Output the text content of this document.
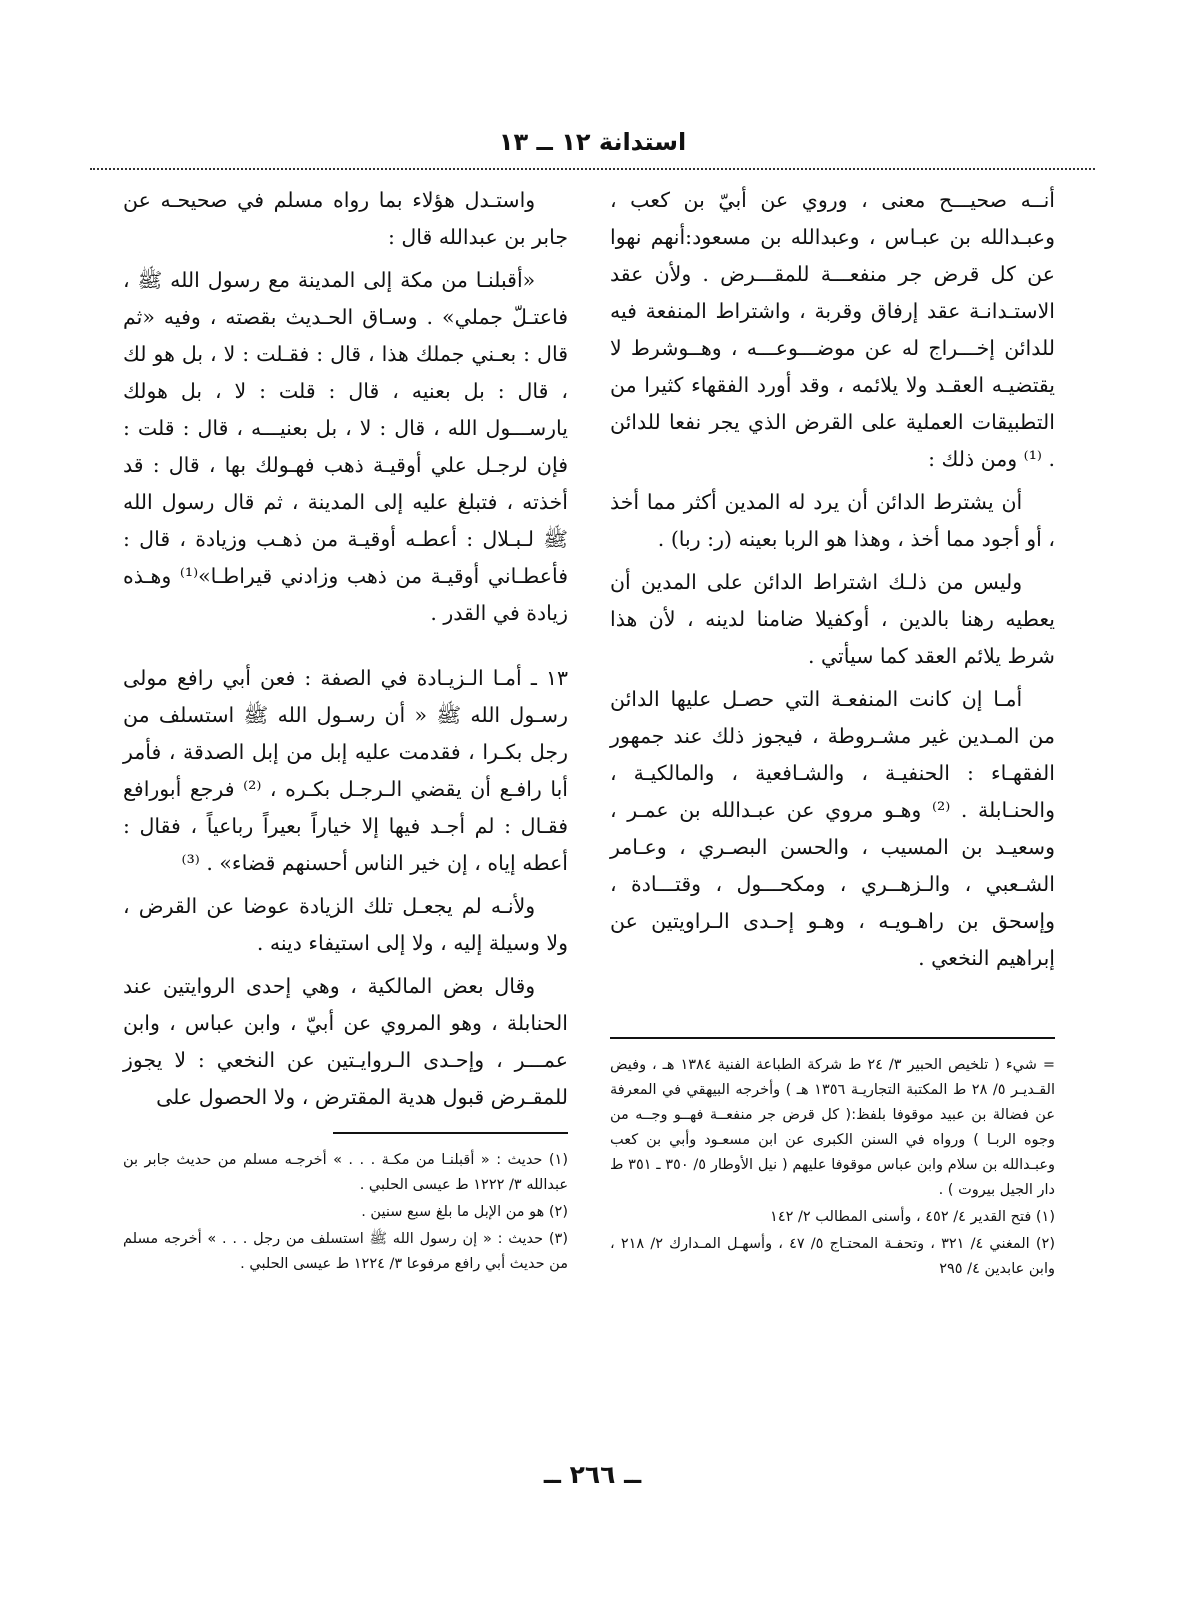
استدانة ١٢ ــ ١٣

أنــه صحيـــح معنى ، وروي عن أبيّ بن كعب ، وعبـدالله بن عبـاس ، وعبدالله بن مسعود:أنهم نهوا عن كل قرض جر منفعـــة للمقـــرض . ولأن عقد الاستـدانـة عقد إرفاق وقربة ، واشتراط المنفعة فيه للدائن إخـــراج له عن موضـــوعـــه ، وهــوشرط لا يقتضيـه العقـد ولا يلائمه ، وقد أورد الفقهاء كثيرا من التطبيقات العملية على القرض الذي يجر نفعا للدائن . ⁽¹⁾ ومن ذلك :

أن يشترط الدائن أن يرد له المدين أكثر مما أخذ ، أو أجود مما أخذ ، وهذا هو الربا بعينه (ر: ربا) .

وليس من ذلـك اشتراط الدائن على المدين أن يعطيه رهنا بالدين ، أوكفيلا ضامنا لدينه ، لأن هذا شرط يلائم العقد كما سيأتي .

أمـا إن كانت المنفعـة التي حصـل عليها الدائن من المـدين غير مشـروطة ، فيجوز ذلك عند جمهور الفقهـاء : الحنفيـة ، والشـافعية ، والمالكيـة ، والحنـابلة . ⁽²⁾ وهـو مروي عن عبـدالله بن عمـر ، وسعيـد بن المسيب ، والحسن البصـري ، وعـامر الشـعبي ، والـزهــري ، ومكحـــول ، وقتـــادة ، وإسحق بن راهـويـه ، وهـو إحـدى الـراويتين عن إبراهيم النخعي .

= شيء ( تلخيص الحبير ٣/ ٢٤ ط شركة الطباعة الفنية ١٣٨٤ هـ ، وفيض القـديـر ٥/ ٢٨ ط المكتبة التجاريـة ١٣٥٦ هـ ) وأخرجه البيهقي في المعرفة عن فضالة بن عبيد موقوفا بلفظ:( كل قرض جر منفعــة فهــو وجــه من وجوه الربـا ) ورواه في السنن الكبرى عن ابن مسعـود وأبي بن كعب وعبـدالله بن سلام وابن عباس موقوفا عليهم ( نيل الأوطار ٥/ ٣٥٠ ـ ٣٥١ ط دار الجيل بيروت ) .

(١) فتح القدير ٤/ ٤٥٢ ، وأسنى المطالب ٢/ ١٤٢

(٢) المغني ٤/ ٣٢١ ، وتحفـة المحتـاج ٥/ ٤٧ ، وأسهـل المـدارك ٢/ ٢١٨ ، وابن عابدين ٤/ ٢٩٥

واستـدل هؤلاء بما رواه مسلم في صحيحـه عن جابر بن عبدالله قال :

«أقبلنـا من مكة إلى المدينة مع رسول الله ﷺ ، فاعتـلّ جملي» . وسـاق الحـديث بقصته ، وفيه «ثم قال : بعـني جملك هذا ، قال : فقـلت : لا ، بل هو لك ، قال : بل بعنيه ، قال : قلت : لا ، بل هولك يارســـول الله ، قال : لا ، بل بعنيـــه ، قال : قلت : فإن لرجـل علي أوقيـة ذهب فهـولك بها ، قال : قد أخذته ، فتبلغ عليه إلى المدينة ، ثم قال رسول الله ﷺ لـبـلال : أعطـه أوقيـة من ذهـب وزيادة ، قال : فأعطـاني أوقيـة من ذهب وزادني قيراطـا»⁽¹⁾ وهـذه زيادة في القدر .

١٣ ـ أمـا الـزيـادة في الصفة : فعن أبي رافع مولى رسـول الله ﷺ « أن رسـول الله ﷺ استسلف من رجل بكـرا ، فقدمت عليه إبل من إبل الصدقة ، فأمر أبا رافـع أن يقضي الـرجـل بكـره ، ⁽²⁾ فرجع أبورافع فقـال : لم أجـد فيها إلا خياراً بعيراً رباعياً ، فقال : أعطه إياه ، إن خير الناس أحسنهم قضاء» . ⁽³⁾

ولأنـه لم يجعـل تلك الزيادة عوضا عن القرض ، ولا وسيلة إليه ، ولا إلى استيفاء دينه .

وقال بعض المالكية ، وهي إحدى الروايتين عند الحنابلة ، وهو المروي عن أبيّ ، وابن عباس ، وابن عمـــر ، وإحـدى الـروايـتين عن النخعي : لا يجوز للمقـرض قبول هدية المقترض ، ولا الحصول على

(١) حديث : « أقبلنـا من مكـة . . . » أخرجـه مسلم من حديث جابر بن عبدالله ٣/ ١٢٢٢ ط عيسى الحلبي .

(٢) هو من الإبل ما بلغ سبع سنين .

(٣) حديث : « إن رسول الله ﷺ استسلف من رجل . . . » أخرجه مسلم من حديث أبي رافع مرفوعا ٣/ ١٢٢٤ ط عيسى الحلبي .

ــ ٢٦٦ ــ
